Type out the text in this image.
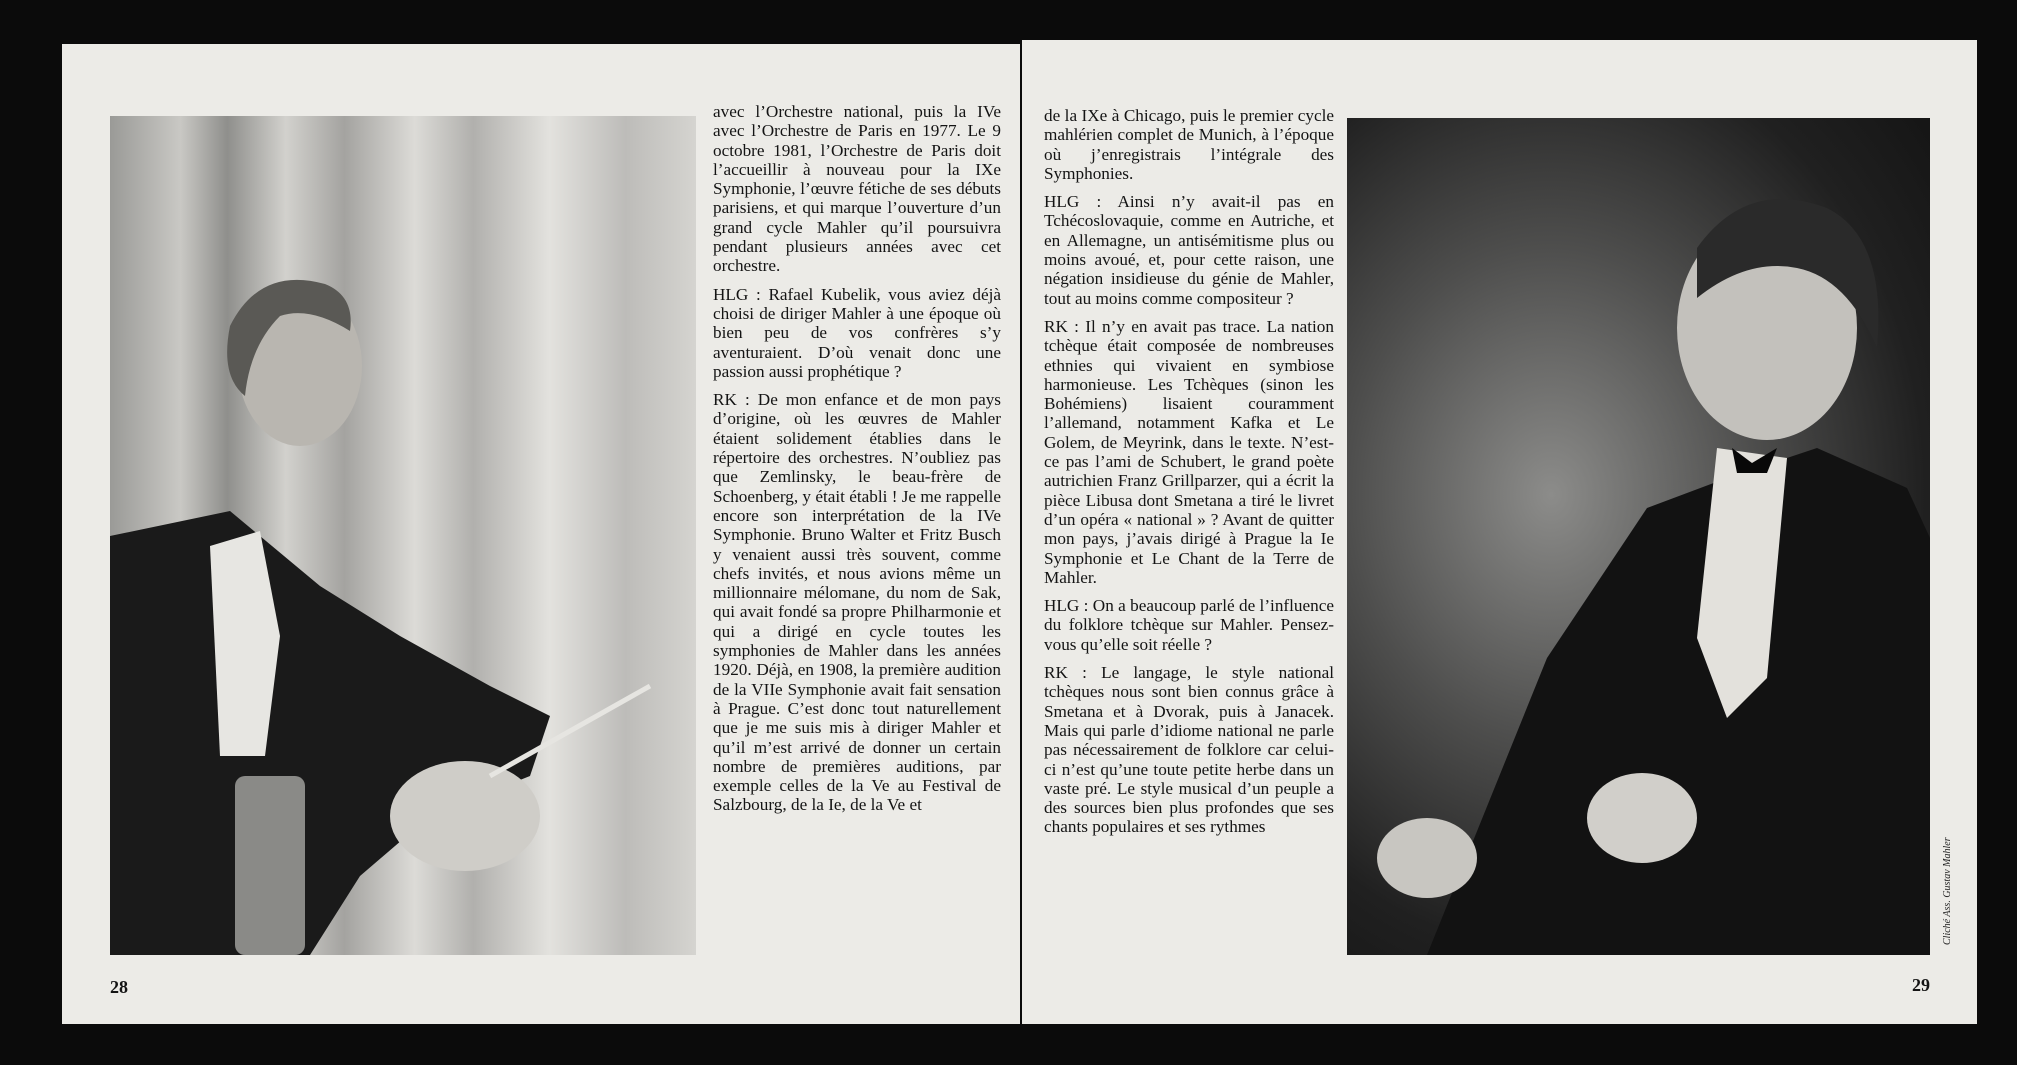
avec l’Orchestre national, puis la IVe avec l’Orchestre de Paris en 1977. Le 9 octobre 1981, l’Orchestre de Paris doit l’accueillir à nouveau pour la IXe Symphonie, l’œuvre fétiche de ses débuts parisiens, et qui marque l’ouverture d’un grand cycle Mahler qu’il poursuivra pendant plusieurs années avec cet orchestre.

HLG : Rafael Kubelik, vous aviez déjà choisi de diriger Mahler à une époque où bien peu de vos confrères s’y aventuraient. D’où venait donc une passion aussi prophétique ?

RK : De mon enfance et de mon pays d’origine, où les œuvres de Mahler étaient solidement établies dans le répertoire des orchestres. N’oubliez pas que Zemlinsky, le beau-frère de Schoenberg, y était établi ! Je me rappelle encore son interprétation de la IVe Symphonie. Bruno Walter et Fritz Busch y venaient aussi très souvent, comme chefs invités, et nous avions même un millionnaire mélomane, du nom de Sak, qui avait fondé sa propre Philharmonie et qui a dirigé en cycle toutes les symphonies de Mahler dans les années 1920. Déjà, en 1908, la première audition de la VIIe Symphonie avait fait sensation à Prague. C’est donc tout naturellement que je me suis mis à diriger Mahler et qu’il m’est arrivé de donner un certain nombre de premières auditions, par exemple celles de la Ve au Festival de Salzbourg, de la Ie, de la Ve et

28

de la IXe à Chicago, puis le premier cycle mahlérien complet de Munich, à l’époque où j’enregistrais l’intégrale des Symphonies.

HLG : Ainsi n’y avait-il pas en Tchécoslovaquie, comme en Autriche, et en Allemagne, un antisémitisme plus ou moins avoué, et, pour cette raison, une négation insidieuse du génie de Mahler, tout au moins comme compositeur ?

RK : Il n’y en avait pas trace. La nation tchèque était composée de nombreuses ethnies qui vivaient en symbiose harmonieuse. Les Tchèques (sinon les Bohémiens) lisaient couramment l’allemand, notamment Kafka et Le Golem, de Meyrink, dans le texte. N’est-ce pas l’ami de Schubert, le grand poète autrichien Franz Grillparzer, qui a écrit la pièce Libusa dont Smetana a tiré le livret d’un opéra « national » ? Avant de quitter mon pays, j’avais dirigé à Prague la Ie Symphonie et Le Chant de la Terre de Mahler.

HLG : On a beaucoup parlé de l’influence du folklore tchèque sur Mahler. Pensez-vous qu’elle soit réelle ?

RK : Le langage, le style national tchèques nous sont bien connus grâce à Smetana et à Dvorak, puis à Janacek. Mais qui parle d’idiome national ne parle pas nécessairement de folklore car celui-ci n’est qu’une toute petite herbe dans un vaste pré. Le style musical d’un peuple a des sources bien plus profondes que ses chants populaires et ses rythmes

Cliché Ass. Gustav Mahler
29
